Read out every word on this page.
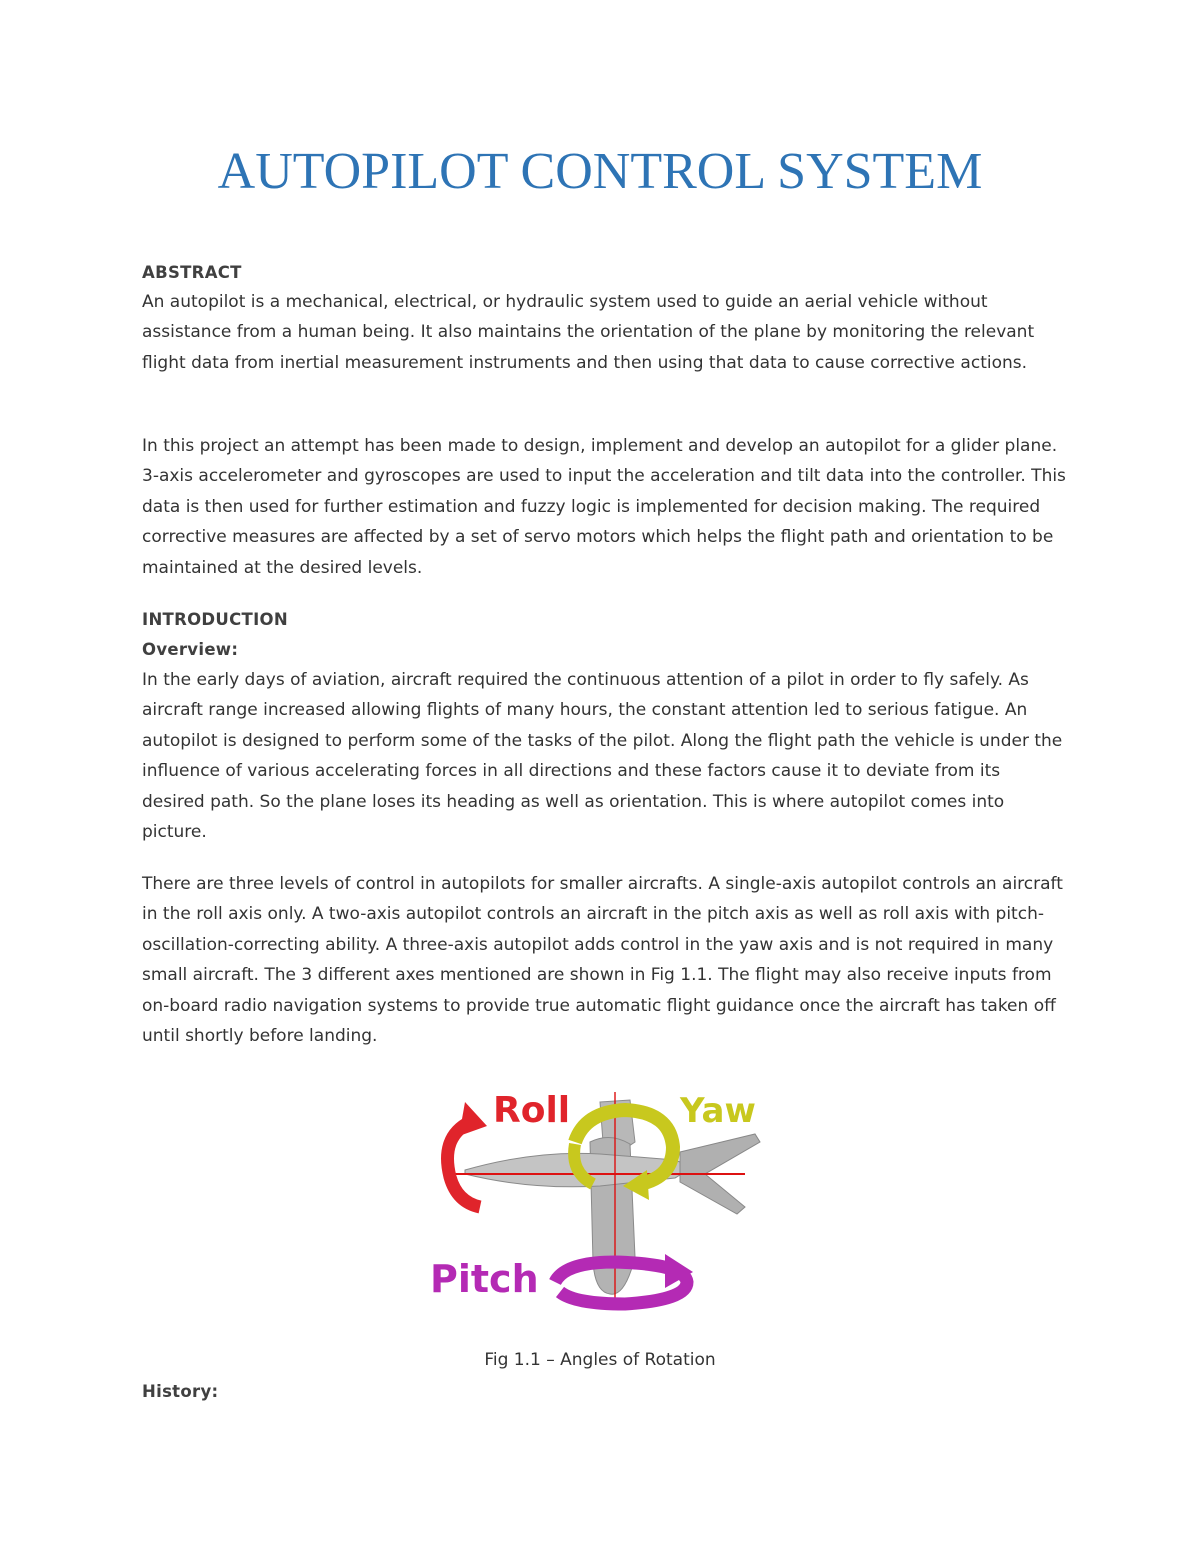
AUTOPILOT CONTROL SYSTEM
ABSTRACT

An autopilot is a mechanical, electrical, or hydraulic system used to guide an aerial vehicle without assistance from a human being. It also maintains the orientation of the plane by monitoring the relevant flight data from inertial measurement instruments and then using that data to cause corrective actions.

In this project an attempt has been made to design, implement and develop an autopilot for a glider plane. 3-axis accelerometer and gyroscopes are used to input the acceleration and tilt data into the controller. This data is then used for further estimation and fuzzy logic is implemented for decision making. The required corrective measures are affected by a set of servo motors which helps the flight path and orientation to be maintained at the desired levels.

INTRODUCTION
Overview:

In the early days of aviation, aircraft required the continuous attention of a pilot in order to fly safely. As aircraft range increased allowing flights of many hours, the constant attention led to serious fatigue. An autopilot is designed to perform some of the tasks of the pilot. Along the flight path the vehicle is under the influence of various accelerating forces in all directions and these factors cause it to deviate from its desired path. So the plane loses its heading as well as orientation. This is where autopilot comes into picture.

There are three levels of control in autopilots for smaller aircrafts. A single-axis autopilot controls an aircraft in the roll axis only. A two-axis autopilot controls an aircraft in the pitch axis as well as roll axis with pitch-oscillation-correcting ability. A three-axis autopilot adds control in the yaw axis and is not required in many small aircraft. The 3 different axes mentioned are shown in Fig 1.1. The flight may also receive inputs from on-board radio navigation systems to provide true automatic flight guidance once the aircraft has taken off until shortly before landing.

Roll	Yaw
Pitch
Fig 1.1 – Angles of Rotation
History:
